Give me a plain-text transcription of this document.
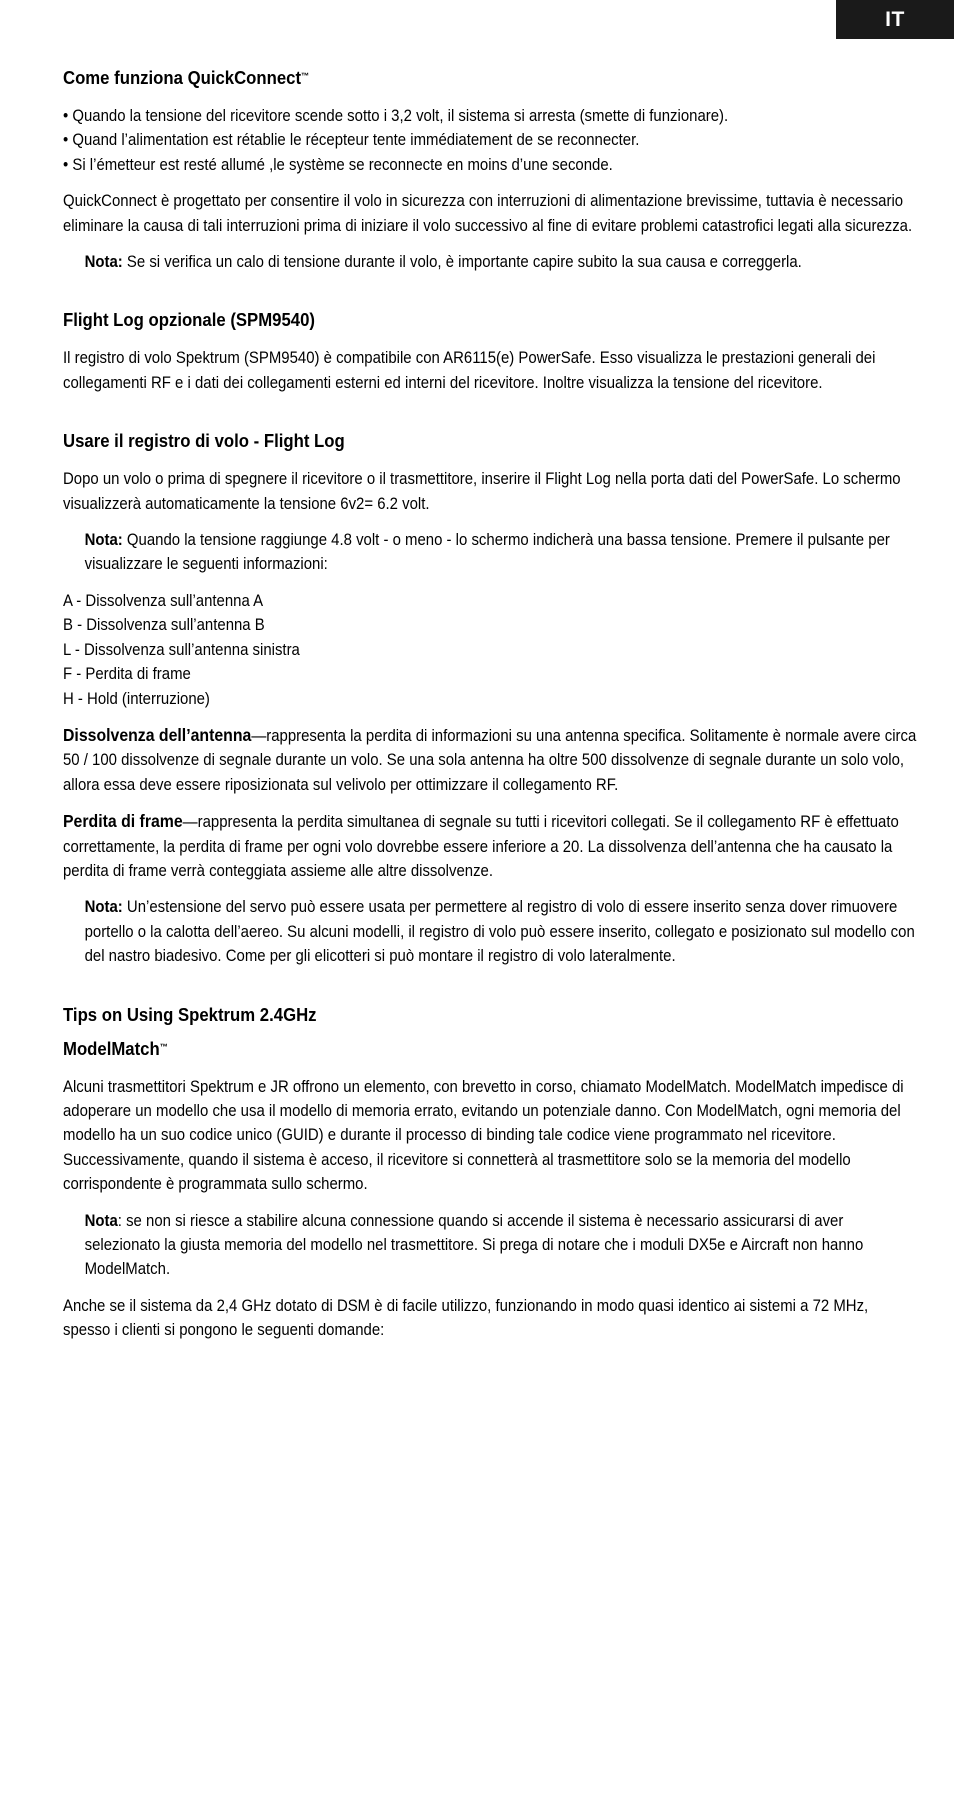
IT
Come funziona QuickConnect™
• Quando la tensione del ricevitore scende sotto i 3,2 volt, il sistema si arresta (smette di funzionare).
• Quand l’alimentation est rétablie le récepteur tente immédiatement de se reconnecter.
• Si l’émetteur est resté allumé ,le système se reconnecte en moins d’une seconde.

QuickConnect è progettato per consentire il volo in sicurezza con interruzioni di alimentazione brevissime, tuttavia è necessario eliminare la causa di tali interruzioni prima di iniziare il volo successivo al fine di evitare problemi catastrofici legati alla sicurezza.

Nota: Se si verifica un calo di tensione durante il volo, è importante capire subito la sua causa e correggerla.

Flight Log opzionale (SPM9540)

Il registro di volo Spektrum (SPM9540) è compatibile con AR6115(e) PowerSafe. Esso visualizza le prestazioni generali dei collegamenti RF e i dati dei collegamenti esterni ed interni del ricevitore. Inoltre visualizza la tensione del ricevitore.

Usare il registro di volo - Flight Log

Dopo un volo o prima di spegnere il ricevitore o il trasmettitore, inserire il Flight Log nella porta dati del PowerSafe. Lo schermo visualizzerà automaticamente la tensione 6v2= 6.2 volt.

Nota: Quando la tensione raggiunge 4.8 volt - o meno - lo schermo indicherà una bassa tensione. Premere il pulsante per visualizzare le seguenti informazioni:

A - Dissolvenza sull’antenna A
B - Dissolvenza sull’antenna B
L - Dissolvenza sull’antenna sinistra
F - Perdita di frame
H - Hold (interruzione)

Dissolvenza dell’antenna—rappresenta la perdita di informazioni su una antenna specifica. Solitamente è normale avere circa 50 / 100 dissolvenze di segnale durante un volo. Se una sola antenna ha oltre 500 dissolvenze di segnale durante un solo volo, allora essa deve essere riposizionata sul velivolo per ottimizzare il collegamento RF.

Perdita di frame—rappresenta la perdita simultanea di segnale su tutti i ricevitori collegati. Se il collegamento RF è effettuato correttamente, la perdita di frame per ogni volo dovrebbe essere inferiore a 20. La dissolvenza dell’antenna che ha causato la perdita di frame verrà conteggiata assieme alle altre dissolvenze.

Nota: Un’estensione del servo può essere usata per permettere al registro di volo di essere inserito senza dover rimuovere portello o la calotta dell’aereo. Su alcuni modelli, il registro di volo può essere inserito, collegato e posizionato sul modello con del nastro biadesivo. Come per gli elicotteri si può montare il registro di volo lateralmente.

Tips on Using Spektrum 2.4GHz
ModelMatch™

Alcuni trasmettitori Spektrum e JR offrono un elemento, con brevetto in corso, chiamato ModelMatch. ModelMatch impedisce di adoperare un modello che usa il modello di memoria errato, evitando un potenziale danno. Con ModelMatch, ogni memoria del modello ha un suo codice unico (GUID) e durante il processo di binding tale codice viene programmato nel ricevitore. Successivamente, quando il sistema è acceso, il ricevitore si connetterà al trasmettitore solo se la memoria del modello corrispondente è programmata sullo schermo.

Nota: se non si riesce a stabilire alcuna connessione quando si accende il sistema è necessario assicurarsi di aver selezionato la giusta memoria del modello nel trasmettitore. Si prega di notare che i moduli DX5e e Aircraft non hanno ModelMatch.

Anche se il sistema da 2,4 GHz dotato di DSM è di facile utilizzo, funzionando in modo quasi identico ai sistemi a 72 MHz, spesso i clienti si pongono le seguenti domande:
